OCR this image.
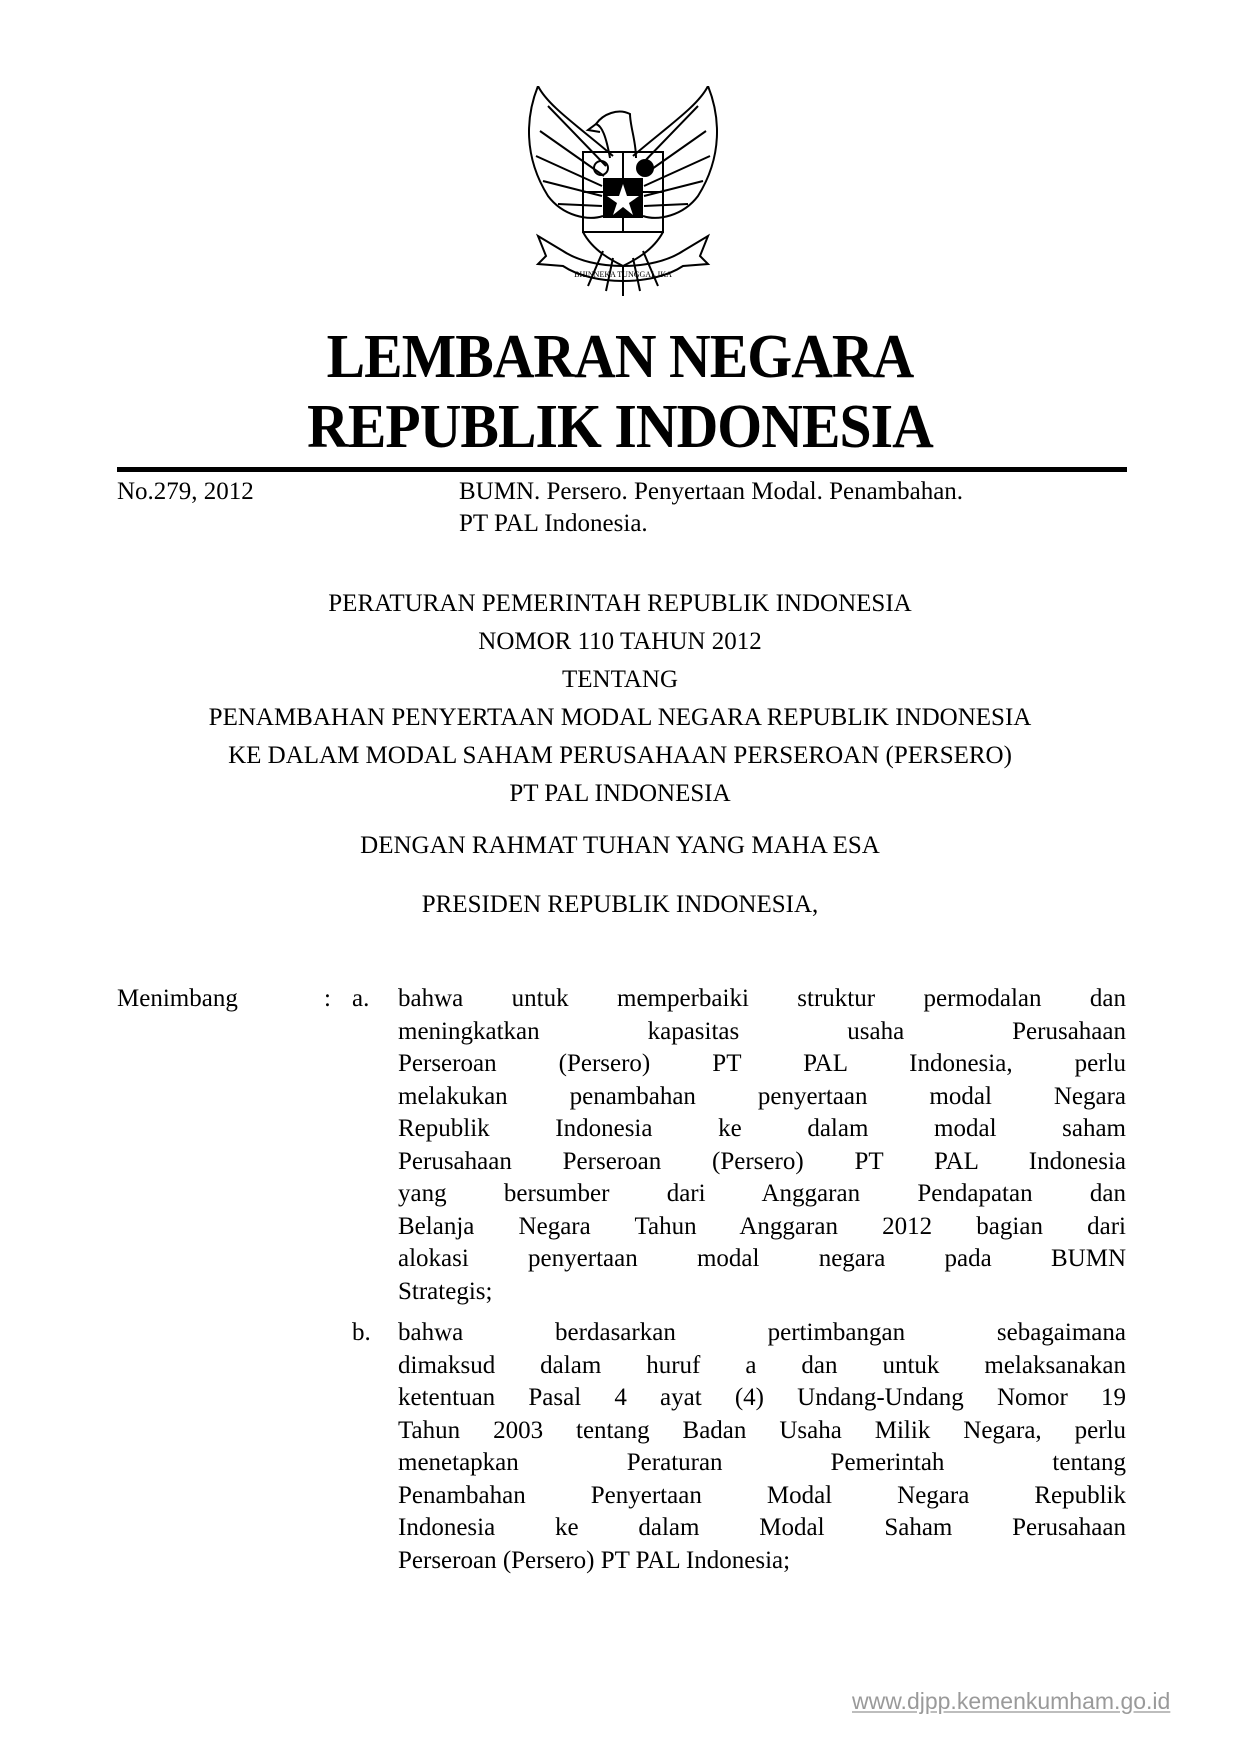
BHINNEKA TUNGGAL IKA
LEMBARAN NEGARA
REPUBLIK INDONESIA
No.279, 2012	BUMN. Persero. Penyertaan Modal. Penambahan.
PT PAL Indonesia.
PERATURAN PEMERINTAH REPUBLIK INDONESIA
NOMOR 110 TAHUN 2012
TENTANG
PENAMBAHAN PENYERTAAN MODAL NEGARA REPUBLIK INDONESIA
KE DALAM MODAL SAHAM PERUSAHAAN PERSEROAN (PERSERO)
PT PAL INDONESIA
DENGAN RAHMAT TUHAN YANG MAHA ESA
PRESIDEN REPUBLIK INDONESIA,
Menimbang	: a. bahwa untuk memperbaiki struktur permodalan dan
meningkatkan kapasitas usaha Perusahaan
Perseroan (Persero) PT PAL Indonesia, perlu
melakukan penambahan penyertaan modal Negara
Republik Indonesia ke dalam modal saham
Perusahaan Perseroan (Persero) PT PAL Indonesia
yang bersumber dari Anggaran Pendapatan dan
Belanja Negara Tahun Anggaran 2012 bagian dari
alokasi penyertaan modal negara pada BUMN
Strategis;
b. bahwa berdasarkan pertimbangan sebagaimana
dimaksud dalam huruf a dan untuk melaksanakan
ketentuan Pasal 4 ayat (4) Undang-Undang Nomor 19
Tahun 2003 tentang Badan Usaha Milik Negara, perlu
menetapkan Peraturan Pemerintah tentang
Penambahan Penyertaan Modal Negara Republik
Indonesia ke dalam Modal Saham Perusahaan
Perseroan (Persero) PT PAL Indonesia;
www.djpp.kemenkumham.go.id
